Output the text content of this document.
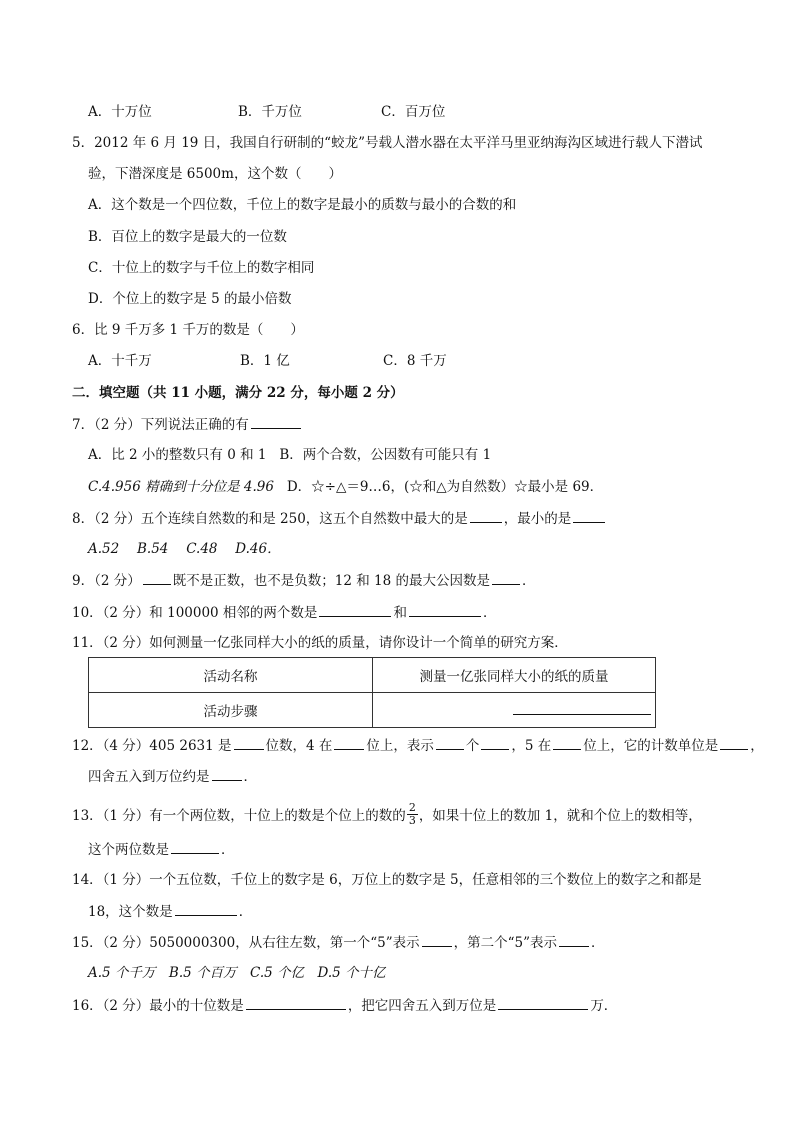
A．十万位	B．千万位	C．百万位
5．2012 年 6 月 19 日，我国自行研制的“蛟龙”号载人潜水器在太平洋马里亚纳海沟区域进行载人下潜试
验，下潜深度是 6500m，这个数（　　）
A．这个数是一个四位数，千位上的数字是最小的质数与最小的合数的和
B．百位上的数字是最大的一位数
C．十位上的数字与千位上的数字相同
D．个位上的数字是 5 的最小倍数
6．比 9 千万多 1 千万的数是（　　）
A．十千万	B．1 亿	C．8 千万
二．填空题（共 11 小题，满分 22 分，每小题 2 分）
7．（2 分）下列说法正确的有
A．比 2 小的整数只有 0 和 1 B．两个合数，公因数有可能只有 1
C.4.956 精确到十分位是 4.96 D．☆÷△＝9…6，(☆和△为自然数）☆最小是 69．
8．（2 分）五个连续自然数的和是 250，这五个自然数中最大的是	，最小的是
A.52　 B.54　 C.48　 D.46．
9．（2 分） 既不是正数，也不是负数；12 和 18 的最大公因数是 ．
10．（2 分）和 100000 相邻的两个数是	和	．
11．（2 分）如何测量一亿张同样大小的纸的质量，请你设计一个简单的研究方案．
活动名称	测量一亿张同样大小的纸的质量
活动步骤	
12．（4 分）405 2631 是	位数，4 在	位上，表示 个 ，5 在 位上，它的计数单位是 ，
四舍五入到万位约是	．
13．（1 分）有一个两位数，十位上的数是个位上的数的 $\frac{2}{3}$ ，如果十位上的数加 1，就和个位上的数相等，
这个两位数是	．
14．（1 分）一个五位数，千位上的数字是 6，万位上的数字是 5，任意相邻的三个数位上的数字之和都是
18，这个数是	．
15．（2 分）5050000300，从右往左数，第一个“5”表示	，第二个“5”表示	．
A.5 个千万　B.5 个百万　C.5 个亿　D.5 个十亿
16．（2 分）最小的十位数是	，把它四舍五入到万位是	万．
